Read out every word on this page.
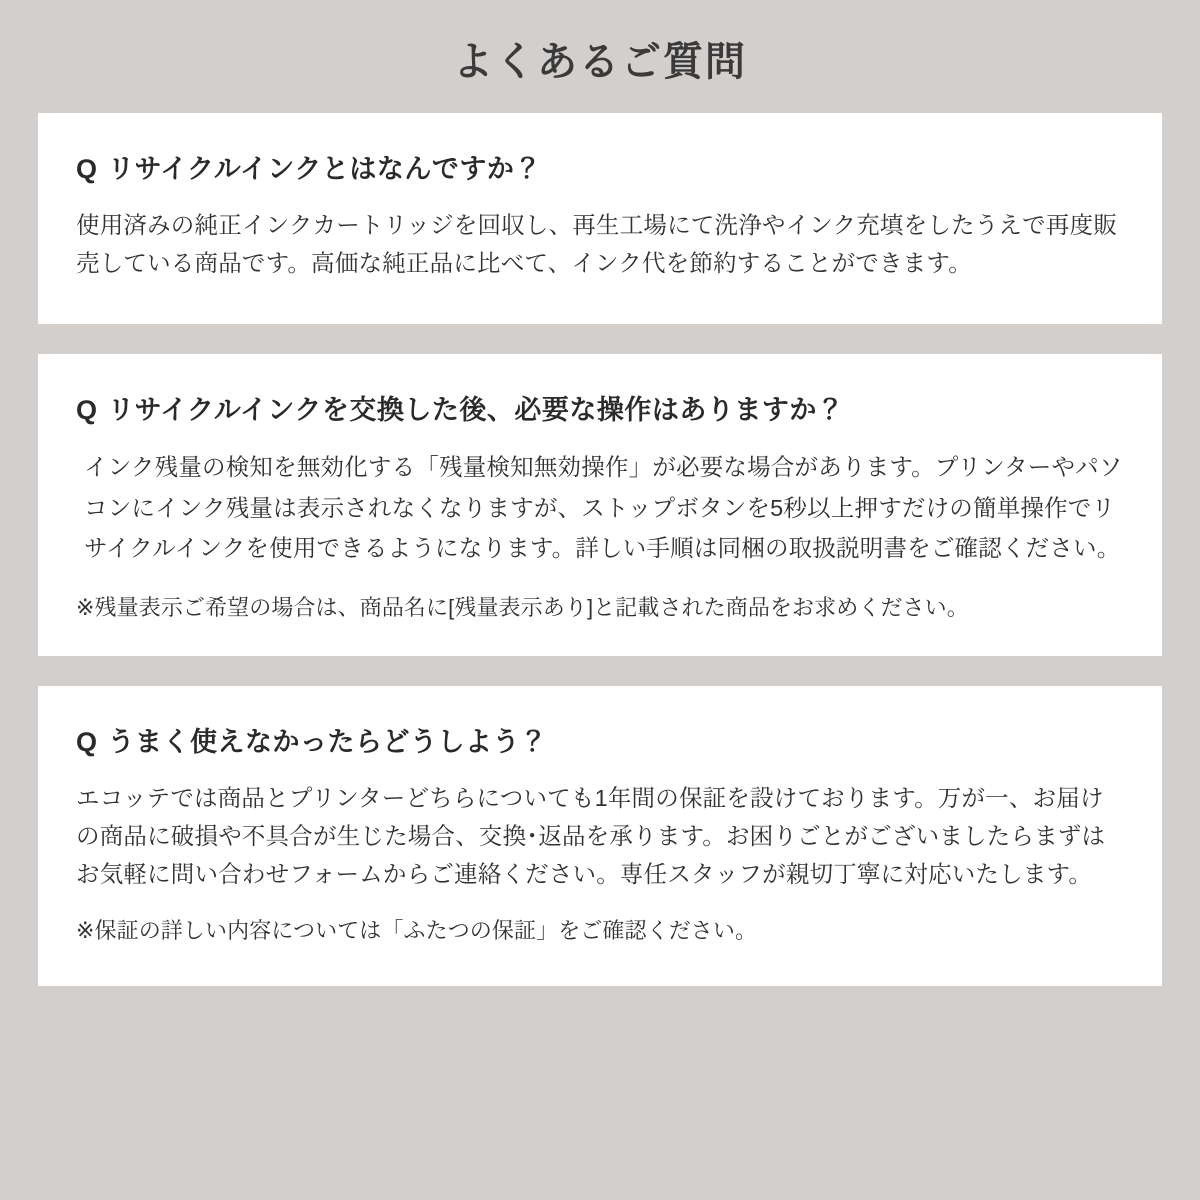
よくあるご質問
Q リサイクルインクとはなんですか？
使用済みの純正インクカートリッジを回収し、再生工場にて洗浄やインク充填をしたうえで再度販売している商品です。高価な純正品に比べて、インク代を節約することができます。
Q リサイクルインクを交換した後、必要な操作はありますか？
インク残量の検知を無効化する「残量検知無効操作」が必要な場合があります。プリンターやパソコンにインク残量は表示されなくなりますが、ストップボタンを5秒以上押すだけの簡単操作でリサイクルインクを使用できるようになります。詳しい手順は同梱の取扱説明書をご確認ください。
※残量表示ご希望の場合は、商品名に[残量表示あり]と記載された商品をお求めください。
Q うまく使えなかったらどうしよう？
エコッテでは商品とプリンターどちらについても1年間の保証を設けております。万が一、お届けの商品に破損や不具合が生じた場合、交換･返品を承ります。お困りごとがございましたらまずはお気軽に問い合わせフォームからご連絡ください。専任スタッフが親切丁寧に対応いたします。
※保証の詳しい内容については「ふたつの保証」をご確認ください。
